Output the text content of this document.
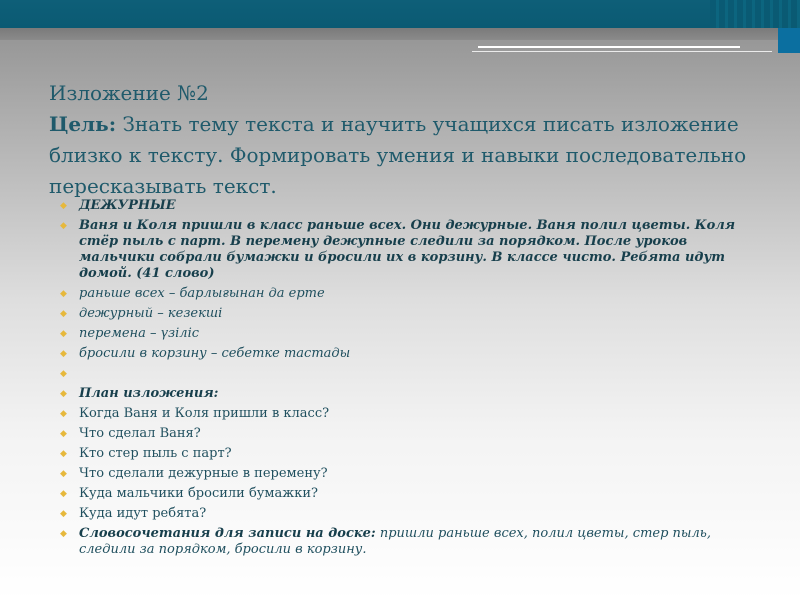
Изложение №2
Цель: Знать тему текста и научить учащихся писать изложение близко к тексту. Формировать умения и навыки последовательно пересказывать текст.
◆ ДЕЖУРНЫЕ
◆ Ваня и Коля пришли в класс раньше всех. Они дежурные. Ваня полил цветы. Коля стёр пыль с парт. В перемену дежупные следили за порядком. После уроков мальчики собрали бумажки и бросили их в корзину. В классе чисто. Ребята идут домой. (41 слово)
◆ раньше всех – барлығынан да ерте
◆ дежурный – кезекші
◆ перемена – үзіліс
◆ бросили в корзину – себетке тастады
◆
◆ План изложения:
◆ Когда Ваня и Коля пришли в класс?
◆ Что сделал Ваня?
◆ Кто стер пыль с парт?
◆ Что сделали дежурные в перемену?
◆ Куда мальчики бросили бумажки?
◆ Куда идут ребята?
◆ Словосочетания для записи на доске: пришли раньше всех, полил цветы, стер пыль, следили за порядком, бросили в корзину.
